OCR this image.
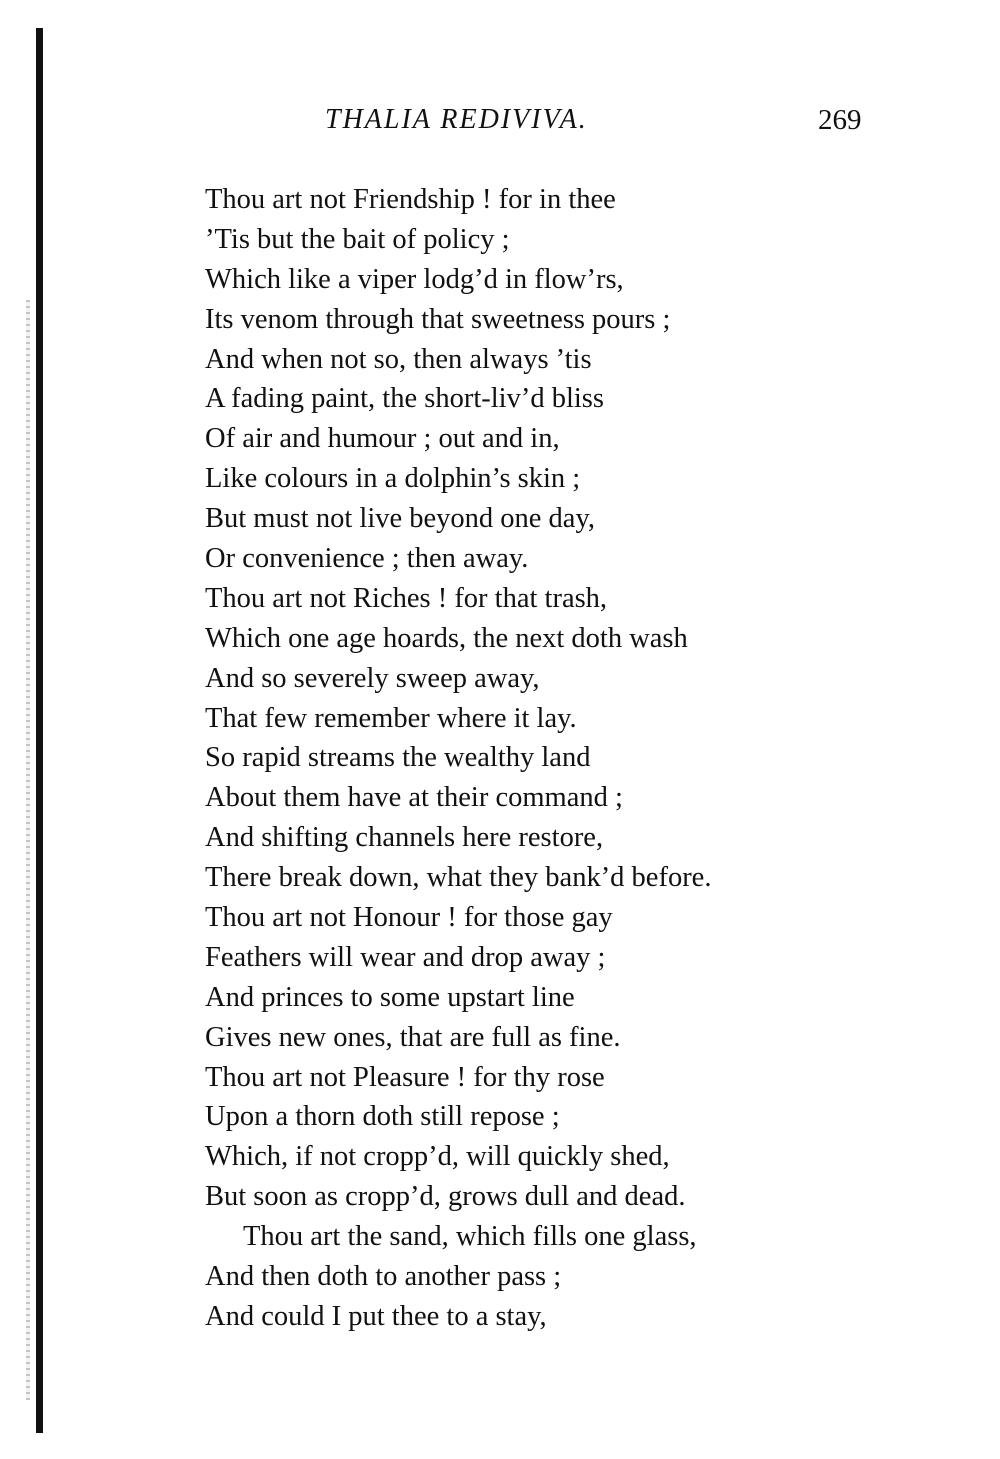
THALIA REDIVIVA.	269
Thou art not Friendship ! for in thee
’Tis but the bait of policy ;
Which like a viper lodg’d in flow’rs,
Its venom through that sweetness pours ;
And when not so, then always ’tis
A fading paint, the short-liv’d bliss
Of air and humour ; out and in,
Like colours in a dolphin’s skin ;
But must not live beyond one day,
Or convenience ; then away.
Thou art not Riches ! for that trash,
Which one age hoards, the next doth wash
And so severely sweep away,
That few remember where it lay.
So rapid streams the wealthy land
About them have at their command ;
And shifting channels here restore,
There break down, what they bank’d before.
Thou art not Honour ! for those gay
Feathers will wear and drop away ;
And princes to some upstart line
Gives new ones, that are full as fine.
Thou art not Pleasure ! for thy rose
Upon a thorn doth still repose ;
Which, if not cropp’d, will quickly shed,
But soon as cropp’d, grows dull and dead.
Thou art the sand, which fills one glass,
And then doth to another pass ;
And could I put thee to a stay,
